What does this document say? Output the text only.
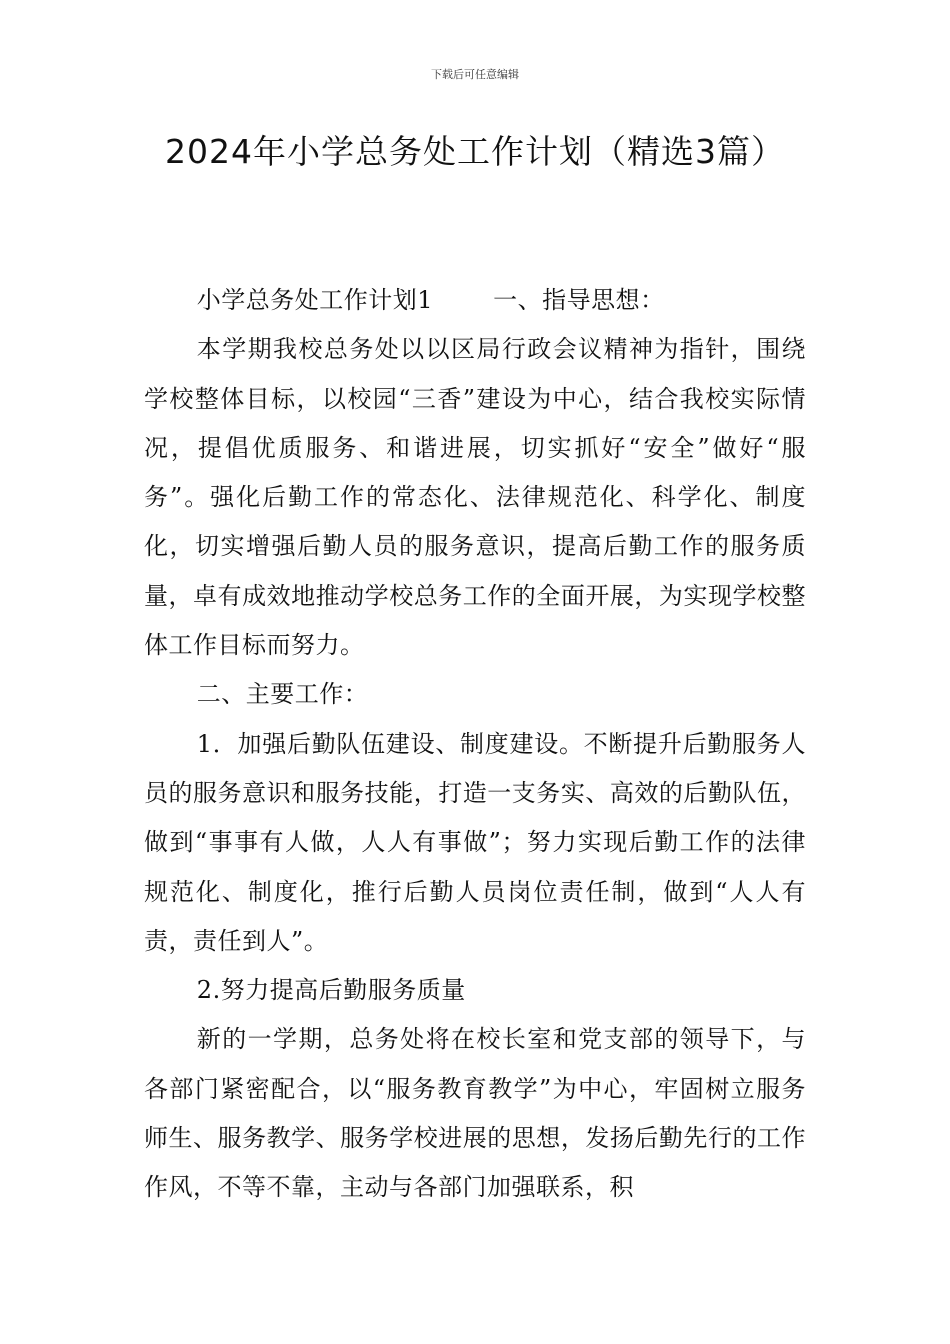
下载后可任意编辑
2024年小学总务处工作计划（精选3篇）

小学总务处工作计划1	一、指导思想：

本学期我校总务处以以区局行政会议精神为指针，围绕学校整体目标，以校园“三香”建设为中心，结合我校实际情况，提倡优质服务、和谐进展，切实抓好“安全”做好“服务”。强化后勤工作的常态化、法律规范化、科学化、制度化，切实增强后勤人员的服务意识，提高后勤工作的服务质量，卓有成效地推动学校总务工作的全面开展，为实现学校整体工作目标而努力。

二、主要工作：

1．加强后勤队伍建设、制度建设。不断提升后勤服务人员的服务意识和服务技能，打造一支务实、高效的后勤队伍，做到“事事有人做，人人有事做”；努力实现后勤工作的法律规范化、制度化，推行后勤人员岗位责任制，做到“人人有责，责任到人”。

2.努力提高后勤服务质量

新的一学期，总务处将在校长室和党支部的领导下，与各部门紧密配合，以“服务教育教学”为中心，牢固树立服务师生、服务教学、服务学校进展的思想，发扬后勤先行的工作作风，不等不靠，主动与各部门加强联系，积
